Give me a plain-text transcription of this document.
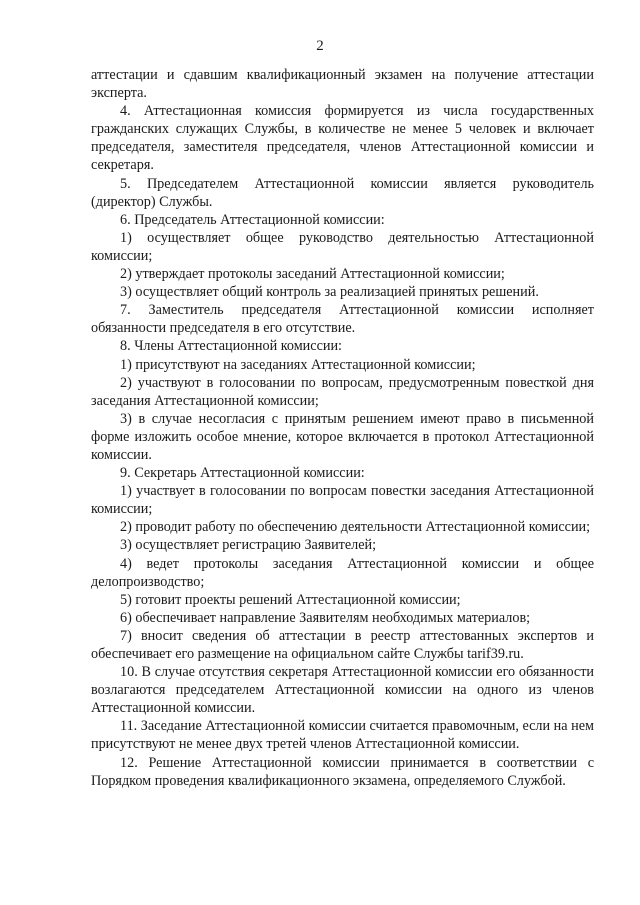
2

аттестации и сдавшим квалификационный экзамен на получение аттестации эксперта.

4. Аттестационная комиссия формируется из числа государственных гражданских служащих Службы, в количестве не менее 5 человек и включает председателя, заместителя председателя, членов Аттестационной комиссии и секретаря.

5. Председателем Аттестационной комиссии является руководитель (директор) Службы.

6. Председатель Аттестационной комиссии:

1) осуществляет общее руководство деятельностью Аттестационной комиссии;

2) утверждает протоколы заседаний Аттестационной комиссии;

3) осуществляет общий контроль за реализацией принятых решений.

7. Заместитель председателя Аттестационной комиссии исполняет обязанности председателя в его отсутствие.

8. Члены Аттестационной комиссии:

1) присутствуют на заседаниях Аттестационной комиссии;

2) участвуют в голосовании по вопросам, предусмотренным повесткой дня заседания Аттестационной комиссии;

3) в случае несогласия с принятым решением имеют право в письменной форме изложить особое мнение, которое включается в протокол Аттестационной комиссии.

9. Секретарь Аттестационной комиссии:

1) участвует в голосовании по вопросам повестки заседания Аттестационной комиссии;

2) проводит работу по обеспечению деятельности Аттестационной комиссии;

3) осуществляет регистрацию Заявителей;

4) ведет протоколы заседания Аттестационной комиссии и общее делопроизводство;

5) готовит проекты решений Аттестационной комиссии;

6) обеспечивает направление Заявителям необходимых материалов;

7) вносит сведения об аттестации в реестр аттестованных экспертов и обеспечивает его размещение на официальном сайте Службы tarif39.ru.

10. В случае отсутствия секретаря Аттестационной комиссии его обязанности возлагаются председателем Аттестационной комиссии на одного из членов Аттестационной комиссии.

11. Заседание Аттестационной комиссии считается правомочным, если на нем присутствуют не менее двух третей членов Аттестационной комиссии.

12. Решение Аттестационной комиссии принимается в соответствии с Порядком проведения квалификационного экзамена, определяемого Службой.
